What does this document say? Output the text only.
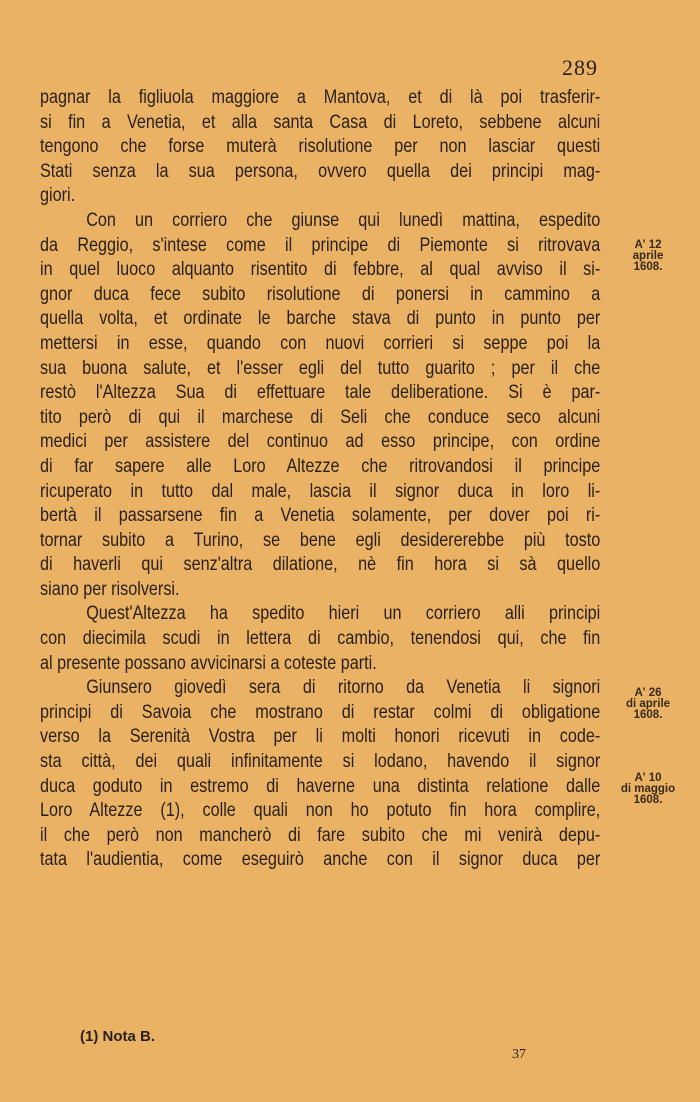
289
pagnar la figliuola maggiore a Mantova, et di là poi trasferir-
si fin a Venetia, et alla santa Casa di Loreto, sebbene alcuni
tengono che forse muterà risolutione per non lasciar questi
Stati senza la sua persona, ovvero quella dei principi mag-
giori.
Con un corriero che giunse qui lunedì mattina, espedito
da Reggio, s'intese come il principe di Piemonte si ritrovava
in quel luoco alquanto risentito di febbre, al qual avviso il si-
gnor duca fece subito risolutione di ponersi in cammino a
quella volta, et ordinate le barche stava di punto in punto per
mettersi in esse, quando con nuovi corrieri si seppe poi la
sua buona salute, et l'esser egli del tutto guarito ; per il che
restò l'Altezza Sua di effettuare tale deliberatione. Si è par-
tito però di qui il marchese di Seli che conduce seco alcuni
medici per assistere del continuo ad esso principe, con ordine
di far sapere alle Loro Altezze che ritrovandosi il principe
ricuperato in tutto dal male, lascia il signor duca in loro li-
bertà il passarsene fin a Venetia solamente, per dover poi ri-
tornar subito a Turino, se bene egli desidererebbe più tosto
di haverli qui senz'altra dilatione, nè fin hora si sà quello
siano per risolversi.
Quest'Altezza ha spedito hieri un corriero alli principi
con diecimila scudi in lettera di cambio, tenendosi qui, che fin
al presente possano avvicinarsi a coteste parti.
Giunsero giovedì sera di ritorno da Venetia li signori
principi di Savoia che mostrano di restar colmi di obligatione
verso la Serenità Vostra per li molti honori ricevuti in code-
sta città, dei quali infinitamente si lodano, havendo il signor
duca goduto in estremo di haverne una distinta relatione dalle
Loro Altezze (1), colle quali non ho potuto fin hora complire,
il che però non mancherò di fare subito che mi venirà depu-
tata l'audientia, come eseguirò anche con il signor duca per
A' 12
aprile
1608.
A' 26
di aprile
1608.
A' 10
di maggio
1608.
(1) Nota B.
37
